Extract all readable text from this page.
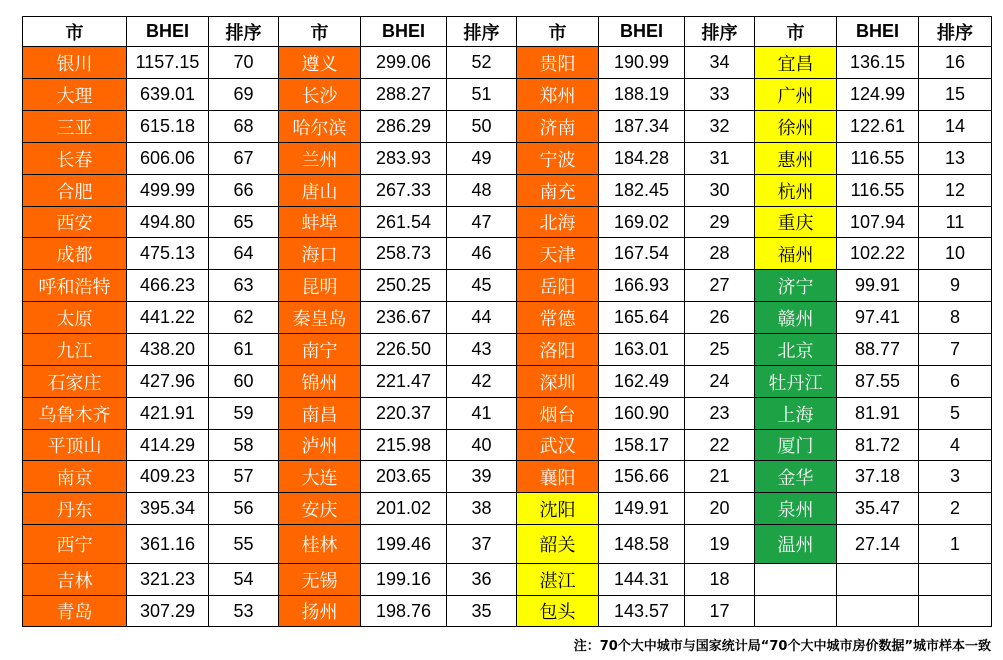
市	BHEI	排序	市	BHEI	排序	市	BHEI	排序	市	BHEI	排序
银川	1157.15	70	遵义	299.06	52	贵阳	190.99	34	宜昌	136.15	16
大理	639.01	69	长沙	288.27	51	郑州	188.19	33	广州	124.99	15
三亚	615.18	68	哈尔滨	286.29	50	济南	187.34	32	徐州	122.61	14
长春	606.06	67	兰州	283.93	49	宁波	184.28	31	惠州	116.55	13
合肥	499.99	66	唐山	267.33	48	南充	182.45	30	杭州	116.55	12
西安	494.80	65	蚌埠	261.54	47	北海	169.02	29	重庆	107.94	11
成都	475.13	64	海口	258.73	46	天津	167.54	28	福州	102.22	10
呼和浩特	466.23	63	昆明	250.25	45	岳阳	166.93	27	济宁	99.91	9
太原	441.22	62	秦皇岛	236.67	44	常德	165.64	26	赣州	97.41	8
九江	438.20	61	南宁	226.50	43	洛阳	163.01	25	北京	88.77	7
石家庄	427.96	60	锦州	221.47	42	深圳	162.49	24	牡丹江	87.55	6
乌鲁木齐	421.91	59	南昌	220.37	41	烟台	160.90	23	上海	81.91	5
平顶山	414.29	58	泸州	215.98	40	武汉	158.17	22	厦门	81.72	4
南京	409.23	57	大连	203.65	39	襄阳	156.66	21	金华	37.18	3
丹东	395.34	56	安庆	201.02	38	沈阳	149.91	20	泉州	35.47	2
西宁	361.16	55	桂林	199.46	37	韶关	148.58	19	温州	27.14	1
吉林	321.23	54	无锡	199.16	36	湛江	144.31	18			
青岛	307.29	53	扬州	198.76	35	包头	143.57	17			
注：70个大中城市与国家统计局“70个大中城市房价数据”城市样本一致
